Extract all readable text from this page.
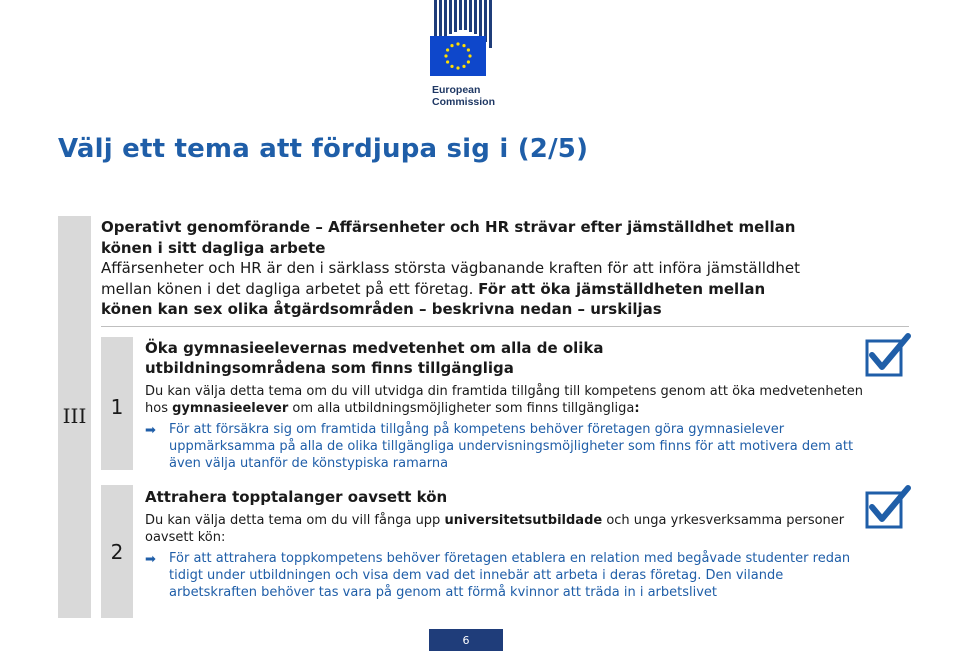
European
Commission
Välj ett tema att fördjupa sig i (2/5)
III
Operativt genomförande – Affärsenheter och HR strävar efter jämställdhet mellan
könen i sitt dagliga arbete
Affärsenheter och HR är den i särklass största vägbanande kraften för att införa jämställdhet
mellan könen i det dagliga arbetet på ett företag. För att öka jämställdheten mellan
könen kan sex olika åtgärdsområden – beskrivna nedan – urskiljas
1
Öka gymnasieelevernas medvetenhet om alla de olika
utbildningsområdena som finns tillgängliga
Du kan välja detta tema om du vill utvidga din framtida tillgång till kompetens genom att öka medvetenheten hos gymnasieelever om alla utbildningsmöjligheter som finns tillgängliga:
➡ För att försäkra sig om framtida tillgång på kompetens behöver företagen göra gymnasielever uppmärksamma på alla de olika tillgängliga undervisningsmöjligheter som finns för att motivera dem att även välja utanför de könstypiska ramarna
2
Attrahera topptalanger oavsett kön
Du kan välja detta tema om du vill fånga upp universitetsutbildade och unga yrkesverksamma personer oavsett kön:
➡ För att attrahera toppkompetens behöver företagen etablera en relation med begåvade studenter redan tidigt under utbildningen och visa dem vad det innebär att arbeta i deras företag. Den vilande arbetskraften behöver tas vara på genom att förmå kvinnor att träda in i arbetslivet
6
